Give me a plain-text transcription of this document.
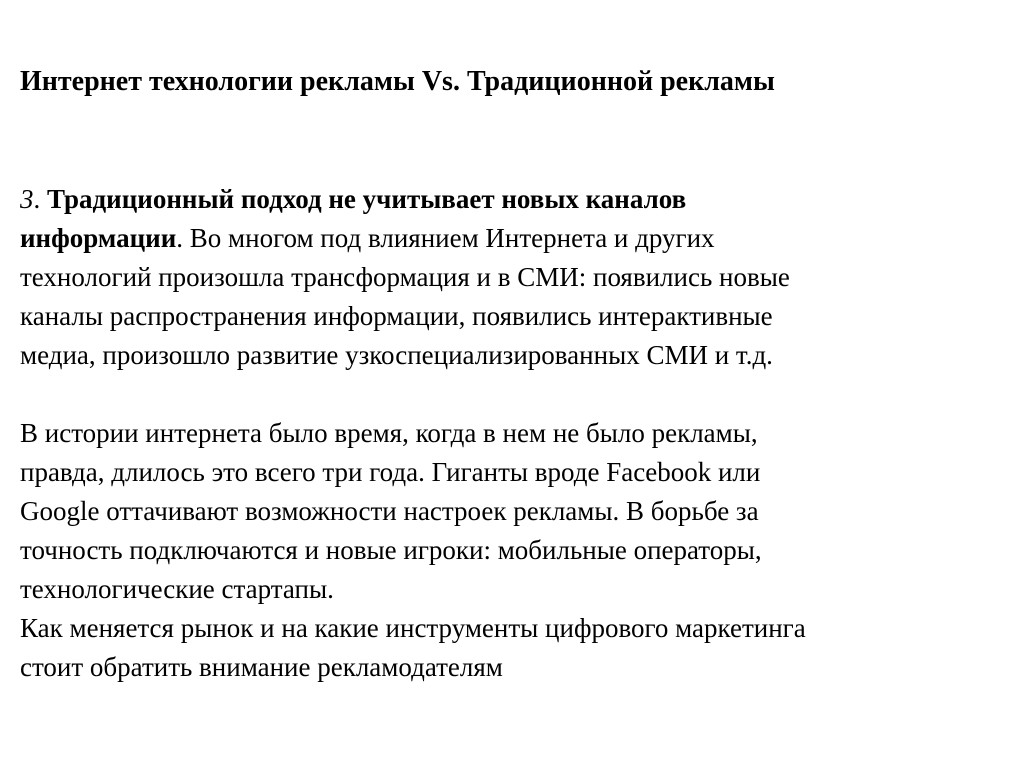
Интернет технологии рекламы Vs. Традиционной рекламы
3. Традиционный подход не учитывает новых каналов
информации. Во многом под влиянием Интернета и других
технологий произошла трансформация и в СМИ: появились новые
каналы распространения информации, появились интерактивные
медиа, произошло развитие узкоспециализированных СМИ и т.д.
В истории интернета было время, когда в нем не было рекламы,
правда, длилось это всего три года. Гиганты вроде Facebook или
Google оттачивают возможности настроек рекламы. В борьбе за
точность подключаются и новые игроки: мобильные операторы,
технологические стартапы.
Как меняется рынок и на какие инструменты цифрового маркетинга
стоит обратить внимание рекламодателям
